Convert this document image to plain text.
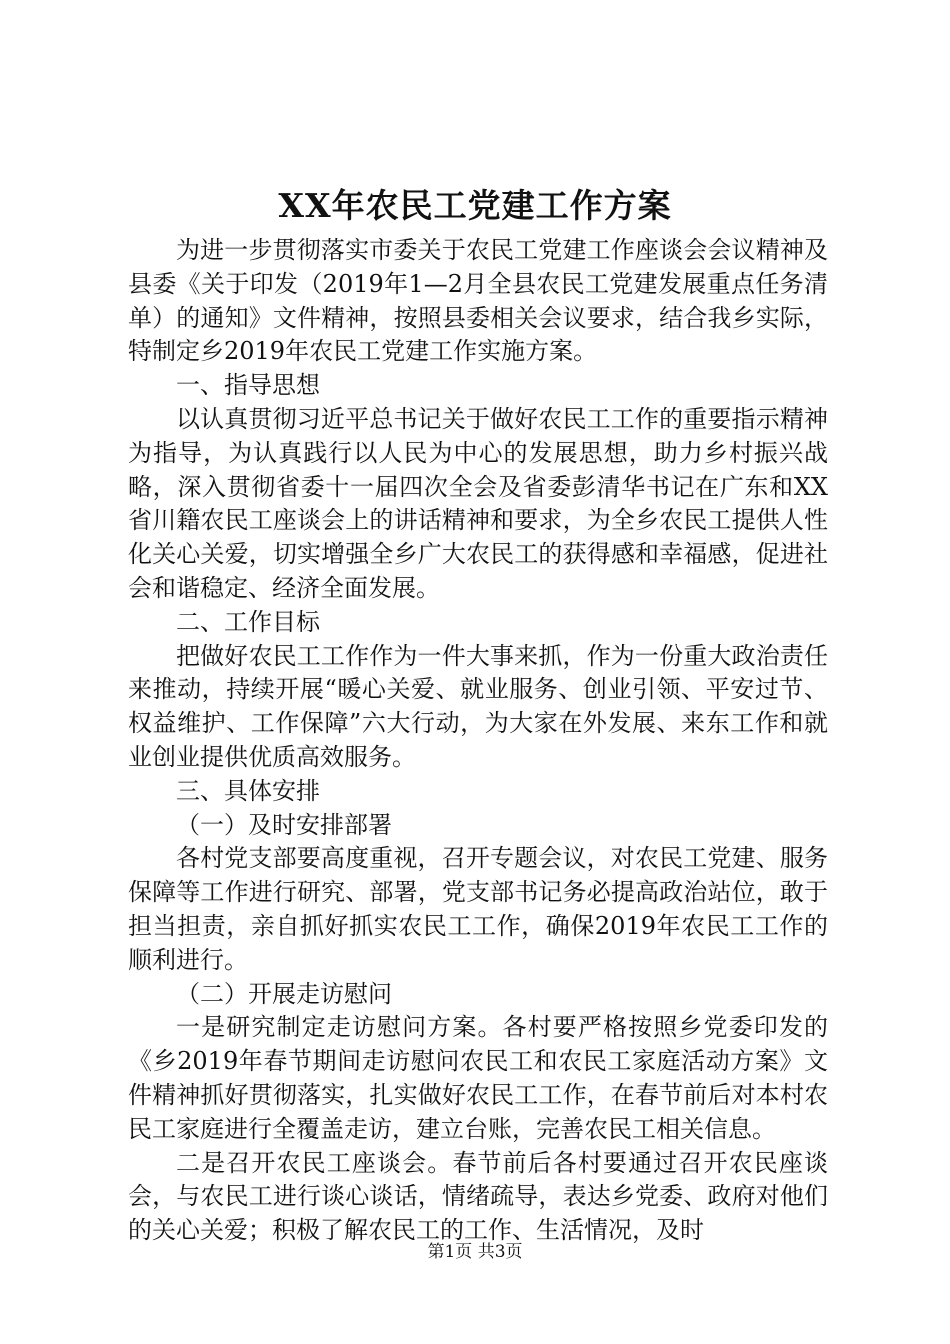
XX年农民工党建工作方案

为进一步贯彻落实市委关于农民工党建工作座谈会会议精神及县委《关于印发（2019年1—2月全县农民工党建发展重点任务清单）的通知》文件精神，按照县委相关会议要求，结合我乡实际，特制定乡2019年农民工党建工作实施方案。

一、指导思想

以认真贯彻习近平总书记关于做好农民工工作的重要指示精神为指导，为认真践行以人民为中心的发展思想，助力乡村振兴战略，深入贯彻省委十一届四次全会及省委彭清华书记在广东和XX省川籍农民工座谈会上的讲话精神和要求，为全乡农民工提供人性化关心关爱，切实增强全乡广大农民工的获得感和幸福感，促进社会和谐稳定、经济全面发展。

二、工作目标

把做好农民工工作作为一件大事来抓，作为一份重大政治责任来推动，持续开展“暖心关爱、就业服务、创业引领、平安过节、权益维护、工作保障”六大行动，为大家在外发展、来东工作和就业创业提供优质高效服务。

三、具体安排

（一）及时安排部署

各村党支部要高度重视，召开专题会议，对农民工党建、服务保障等工作进行研究、部署，党支部书记务必提高政治站位，敢于担当担责，亲自抓好抓实农民工工作，确保2019年农民工工作的顺利进行。

（二）开展走访慰问

一是研究制定走访慰问方案。各村要严格按照乡党委印发的《乡2019年春节期间走访慰问农民工和农民工家庭活动方案》文件精神抓好贯彻落实，扎实做好农民工工作，在春节前后对本村农民工家庭进行全覆盖走访，建立台账，完善农民工相关信息。

二是召开农民工座谈会。春节前后各村要通过召开农民座谈会，与农民工进行谈心谈话，情绪疏导，表达乡党委、政府对他们的关心关爱；积极了解农民工的工作、生活情况，及时

第1页 共3页
